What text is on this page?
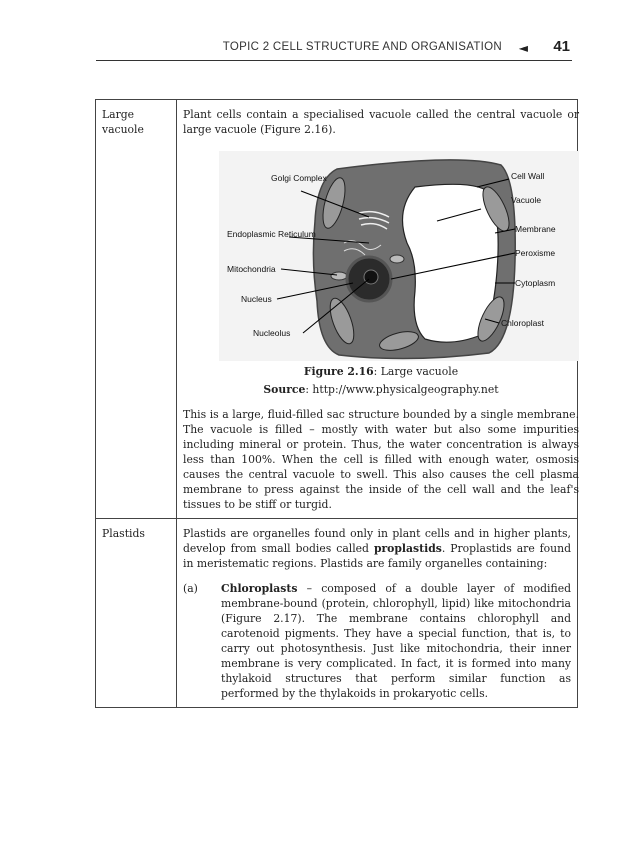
TOPIC 2 CELL STRUCTURE AND ORGANISATION ◄ 41
Large vacuole

Plant cells contain a specialised vacuole called the central vacuole or large vacuole (Figure 2.16).

Golgi Complex
Endoplasmic Reticulum
Mitochondria
Nucleus
Nucleolus
Cell Wall
Vacuole
Membrane
Peroxisme
Cytoplasm
Chloroplast
Figure 2.16: Large vacuole
Source: http://www.physicalgeography.net

This is a large, fluid-filled sac structure bounded by a single membrane. The vacuole is filled – mostly with water but also some impurities including mineral or protein. Thus, the water concentration is always less than 100%. When the cell is filled with enough water, osmosis causes the central vacuole to swell. This also causes the cell plasma membrane to press against the inside of the cell wall and the leaf's tissues to be stiff or turgid.

Plastids	Plastids are organelles found only in plant cells and in higher plants, develop from small bodies called proplastids. Proplastids are found in meristematic regions. Plastids are family organelles containing:

(a)	Chloroplasts – composed of a double layer of modified membrane-bound (protein, chlorophyll, lipid) like mitochondria (Figure 2.17). The membrane contains chlorophyll and carotenoid pigments. They have a special function, that is, to carry out photosynthesis. Just like mitochondria, their inner membrane is very complicated. In fact, it is formed into many thylakoid structures that perform similar function as performed by the thylakoids in prokaryotic cells.
